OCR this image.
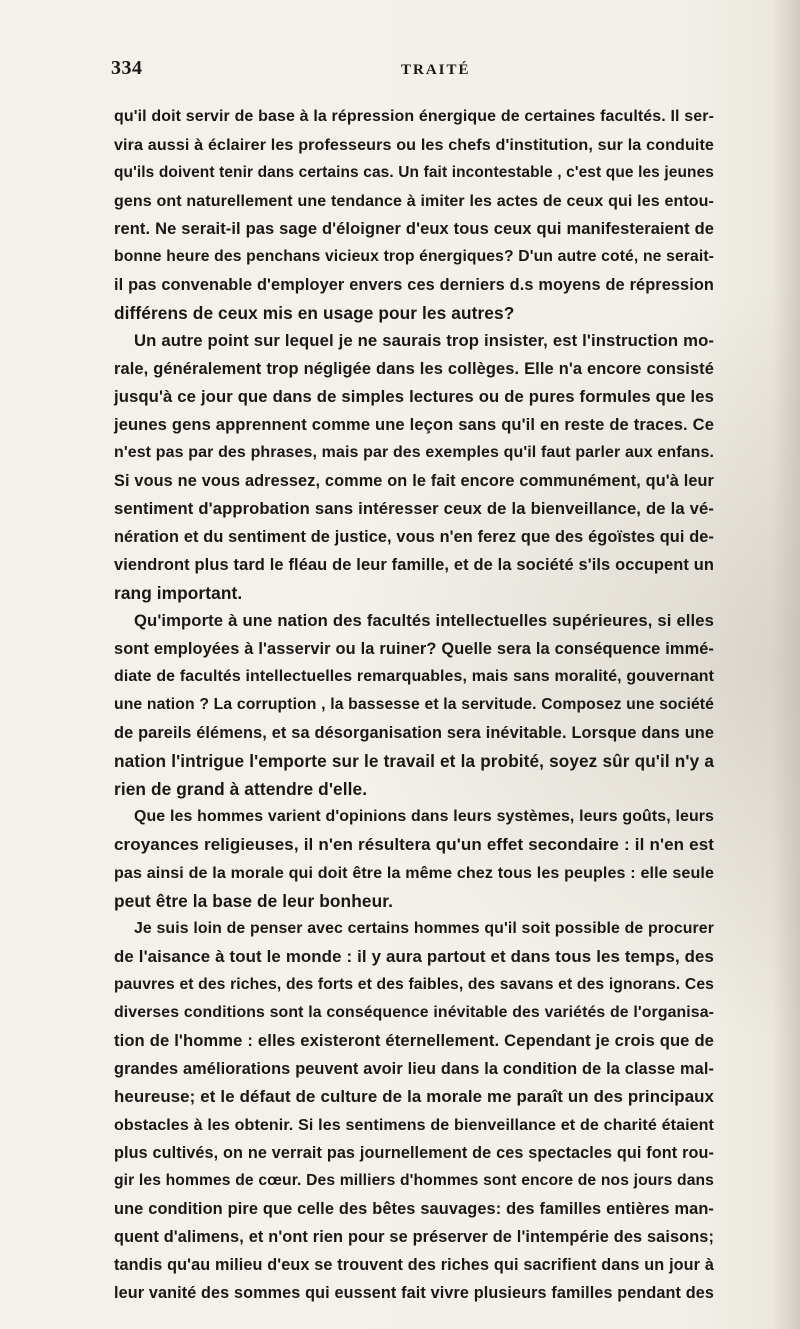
334	TRAITÉ
qu'il doit servir de base à la répression énergique de certaines facultés. Il ser-
vira aussi à éclairer les professeurs ou les chefs d'institution, sur la conduite
qu'ils doivent tenir dans certains cas. Un fait incontestable , c'est que les jeunes
gens ont naturellement une tendance à imiter les actes de ceux qui les entou-
rent. Ne serait-il pas sage d'éloigner d'eux tous ceux qui manifesteraient de
bonne heure des penchans vicieux trop énergiques? D'un autre coté, ne serait-
il pas convenable d'employer envers ces derniers d.s moyens de répression
différens de ceux mis en usage pour les autres?
Un autre point sur lequel je ne saurais trop insister, est l'instruction mo-
rale, généralement trop négligée dans les collèges. Elle n'a encore consisté
jusqu'à ce jour que dans de simples lectures ou de pures formules que les
jeunes gens apprennent comme une leçon sans qu'il en reste de traces. Ce
n'est pas par des phrases, mais par des exemples qu'il faut parler aux enfans.
Si vous ne vous adressez, comme on le fait encore communément, qu'à leur
sentiment d'approbation sans intéresser ceux de la bienveillance, de la vé-
nération et du sentiment de justice, vous n'en ferez que des égoïstes qui de-
viendront plus tard le fléau de leur famille, et de la société s'ils occupent un
rang important.
Qu'importe à une nation des facultés intellectuelles supérieures, si elles
sont employées à l'asservir ou la ruiner? Quelle sera la conséquence immé-
diate de facultés intellectuelles remarquables, mais sans moralité, gouvernant
une nation ? La corruption , la bassesse et la servitude. Composez une société
de pareils élémens, et sa désorganisation sera inévitable. Lorsque dans une
nation l'intrigue l'emporte sur le travail et la probité, soyez sûr qu'il n'y a
rien de grand à attendre d'elle.
Que les hommes varient d'opinions dans leurs systèmes, leurs goûts, leurs
croyances religieuses, il n'en résultera qu'un effet secondaire : il n'en est
pas ainsi de la morale qui doit être la même chez tous les peuples : elle seule
peut être la base de leur bonheur.
Je suis loin de penser avec certains hommes qu'il soit possible de procurer
de l'aisance à tout le monde : il y aura partout et dans tous les temps, des
pauvres et des riches, des forts et des faibles, des savans et des ignorans. Ces
diverses conditions sont la conséquence inévitable des variétés de l'organisa-
tion de l'homme : elles existeront éternellement. Cependant je crois que de
grandes améliorations peuvent avoir lieu dans la condition de la classe mal-
heureuse; et le défaut de culture de la morale me paraît un des principaux
obstacles à les obtenir. Si les sentimens de bienveillance et de charité étaient
plus cultivés, on ne verrait pas journellement de ces spectacles qui font rou-
gir les hommes de cœur. Des milliers d'hommes sont encore de nos jours dans
une condition pire que celle des bêtes sauvages: des familles entières man-
quent d'alimens, et n'ont rien pour se préserver de l'intempérie des saisons;
tandis qu'au milieu d'eux se trouvent des riches qui sacrifient dans un jour à
leur vanité des sommes qui eussent fait vivre plusieurs familles pendant des
